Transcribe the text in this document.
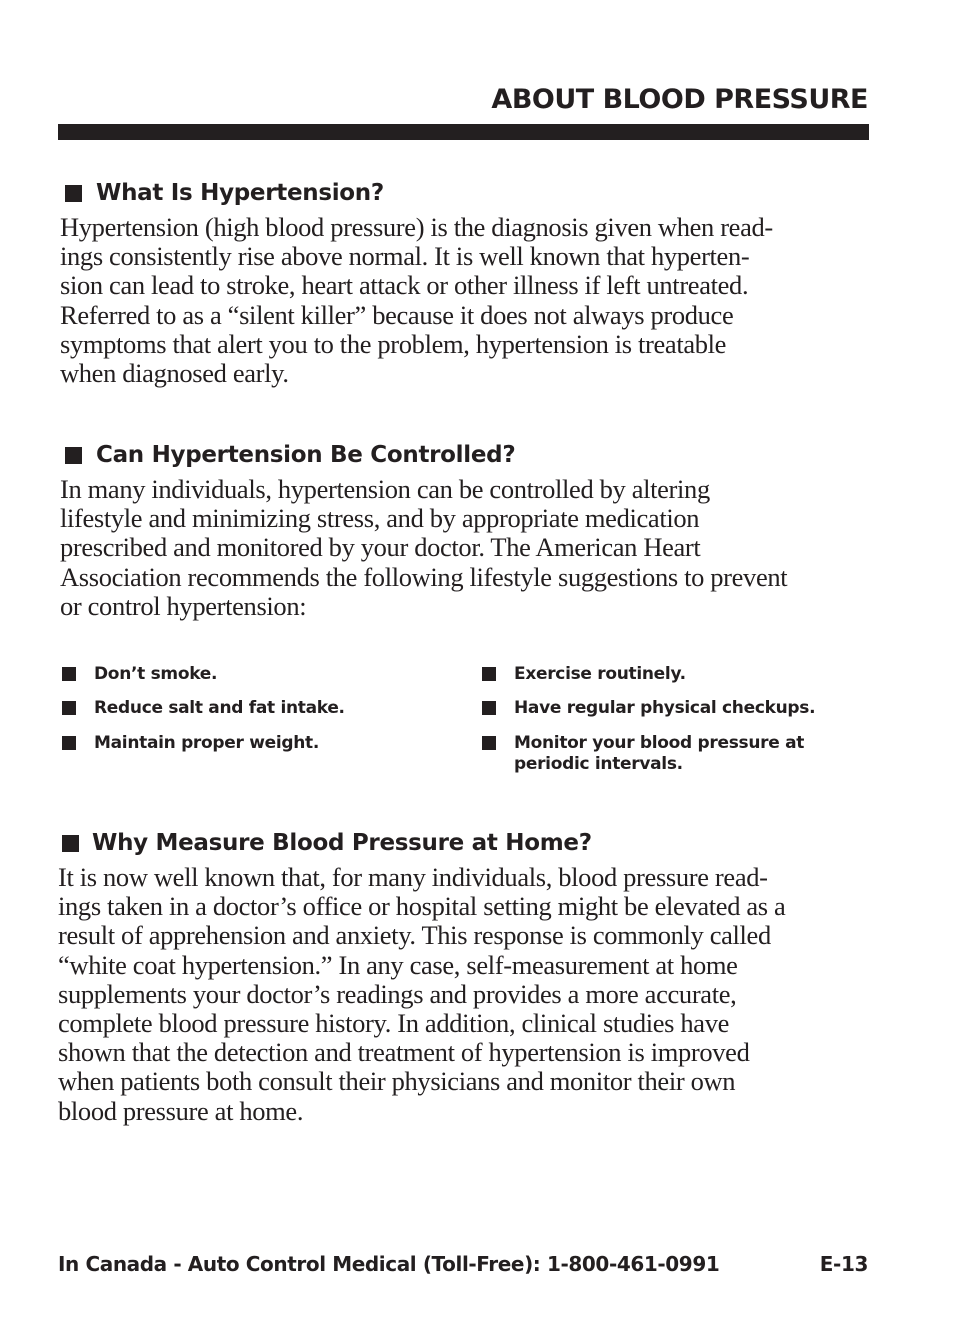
ABOUT BLOOD PRESSURE
What Is Hypertension?

Hypertension (high blood pressure) is the diagnosis given when read-
ings consistently rise above normal. It is well known that hyperten-
sion can lead to stroke, heart attack or other illness if left untreated.
Referred to as a “silent killer” because it does not always produce
symptoms that alert you to the problem, hypertension is treatable
when diagnosed early.

Can Hypertension Be Controlled?

In many individuals, hypertension can be controlled by altering
lifestyle and minimizing stress, and by appropriate medication
prescribed and monitored by your doctor. The American Heart
Association recommends the following lifestyle suggestions to prevent
or control hypertension:

Don’t smoke.
Reduce salt and fat intake.
Maintain proper weight.
Exercise routinely.
Have regular physical checkups.
Monitor your blood pressure at
periodic intervals.
Why Measure Blood Pressure at Home?

It is now well known that, for many individuals, blood pressure read-
ings taken in a doctor’s office or hospital setting might be elevated as a
result of apprehension and anxiety. This response is commonly called
“white coat hypertension.” In any case, self-measurement at home
supplements your doctor’s readings and provides a more accurate,
complete blood pressure history. In addition, clinical studies have
shown that the detection and treatment of hypertension is improved
when patients both consult their physicians and monitor their own
blood pressure at home.

In Canada - Auto Control Medical (Toll-Free): 1-800-461-0991	E-13
